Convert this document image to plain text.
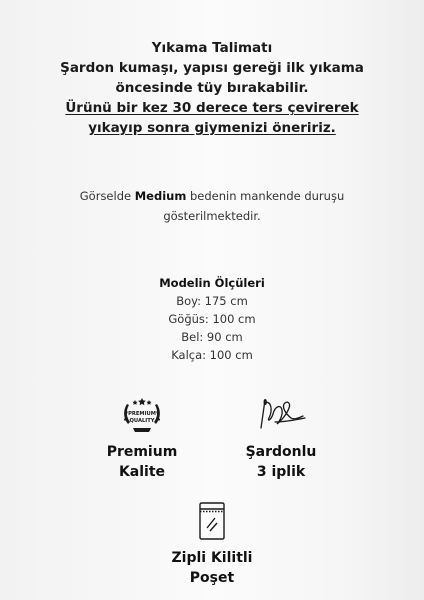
Yıkama Talimatı
Şardon kumaşı, yapısı gereği ilk yıkama
öncesinde tüy bırakabilir.
Ürünü bir kez 30 derece ters çevirerek
yıkayıp sonra giymenizi öneririz.
Görselde Medium bedenin mankende duruşu
gösterilmektedir.
Modelin Ölçüleri
Boy: 175 cm
Göğüs: 100 cm
Bel: 90 cm
Kalça: 100 cm
PREMIUM
QUALITY
Premium
Kalite
Şardonlu
3 iplik
Zipli Kilitli
Poşet
